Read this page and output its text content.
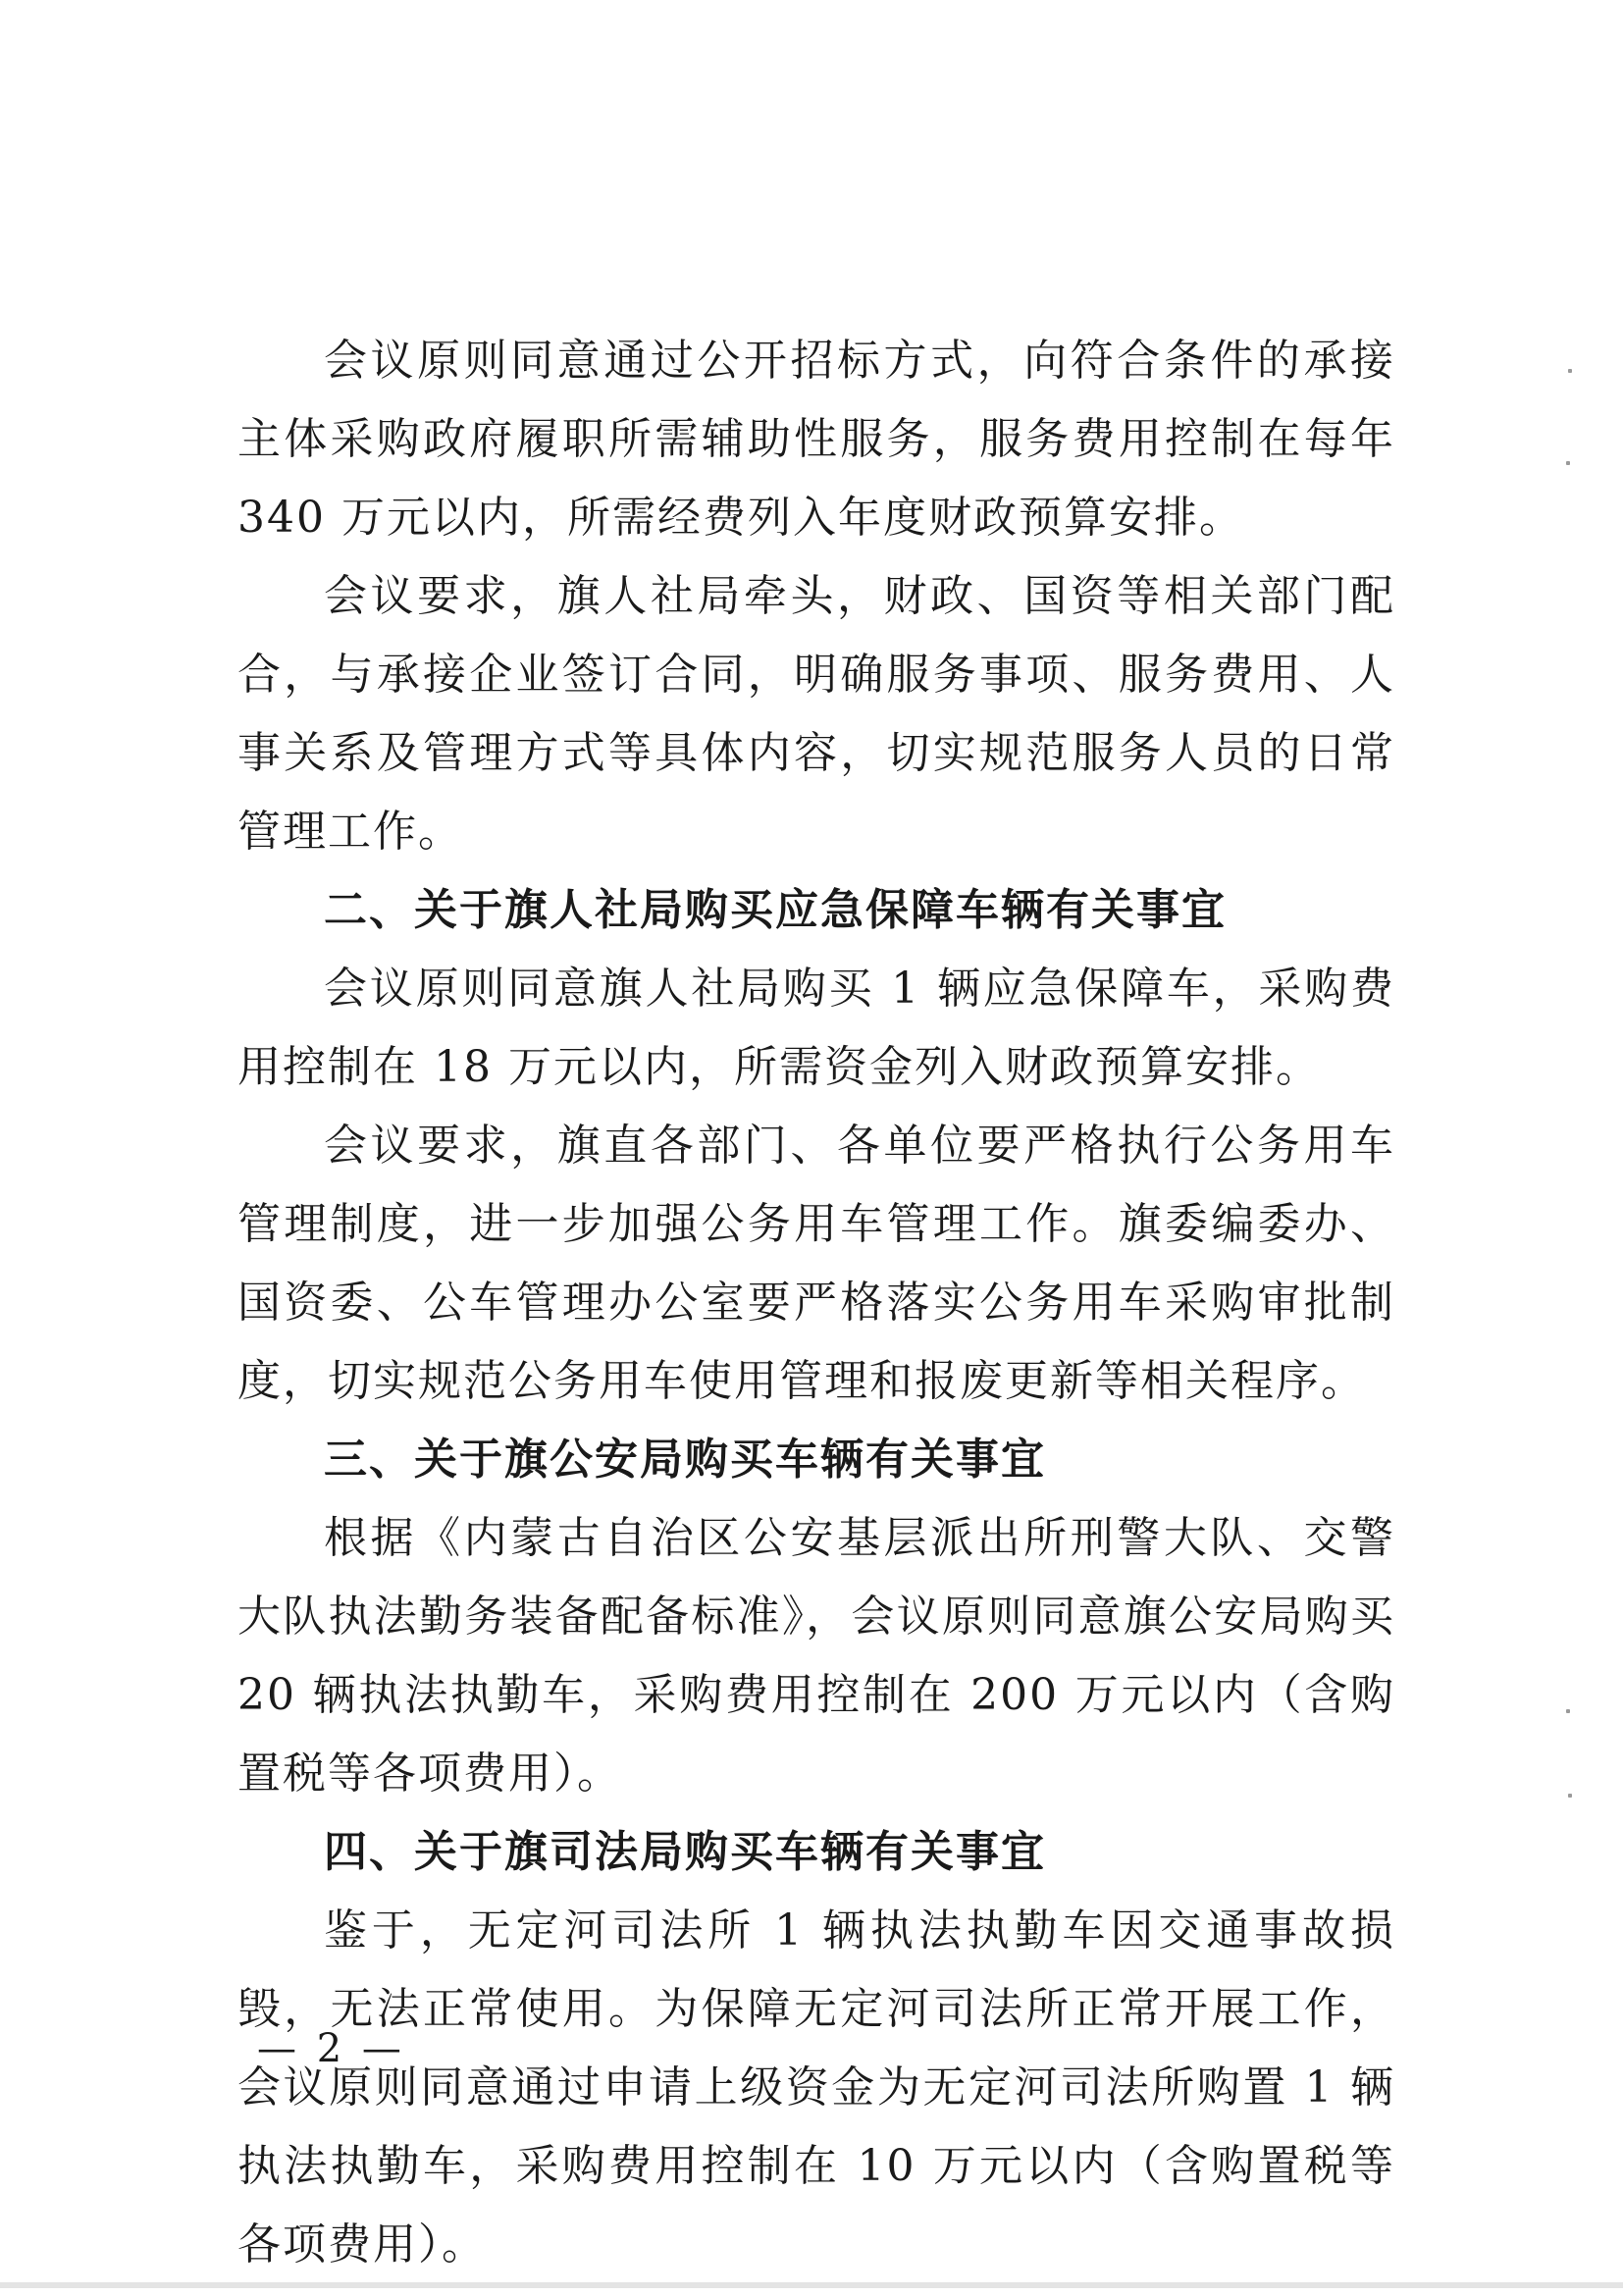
会议原则同意通过公开招标方式，向符合条件的承接主体采购政府履职所需辅助性服务，服务费用控制在每年 340 万元以内，所需经费列入年度财政预算安排。

会议要求，旗人社局牵头，财政、国资等相关部门配合，与承接企业签订合同，明确服务事项、服务费用、人事关系及管理方式等具体内容，切实规范服务人员的日常管理工作。

二、关于旗人社局购买应急保障车辆有关事宜

会议原则同意旗人社局购买 1 辆应急保障车，采购费用控制在 18 万元以内，所需资金列入财政预算安排。

会议要求，旗直各部门、各单位要严格执行公务用车管理制度，进一步加强公务用车管理工作。旗委编委办、国资委、公车管理办公室要严格落实公务用车采购审批制度，切实规范公务用车使用管理和报废更新等相关程序。

三、关于旗公安局购买车辆有关事宜

根据《内蒙古自治区公安基层派出所刑警大队、交警大队执法勤务装备配备标准》，会议原则同意旗公安局购买 20 辆执法执勤车，采购费用控制在 200 万元以内（含购置税等各项费用）。

四、关于旗司法局购买车辆有关事宜

鉴于，无定河司法所 1 辆执法执勤车因交通事故损毁，无法正常使用。为保障无定河司法所正常开展工作，会议原则同意通过申请上级资金为无定河司法所购置 1 辆执法执勤车，采购费用控制在 10 万元以内（含购置税等各项费用）。

— 2 —
